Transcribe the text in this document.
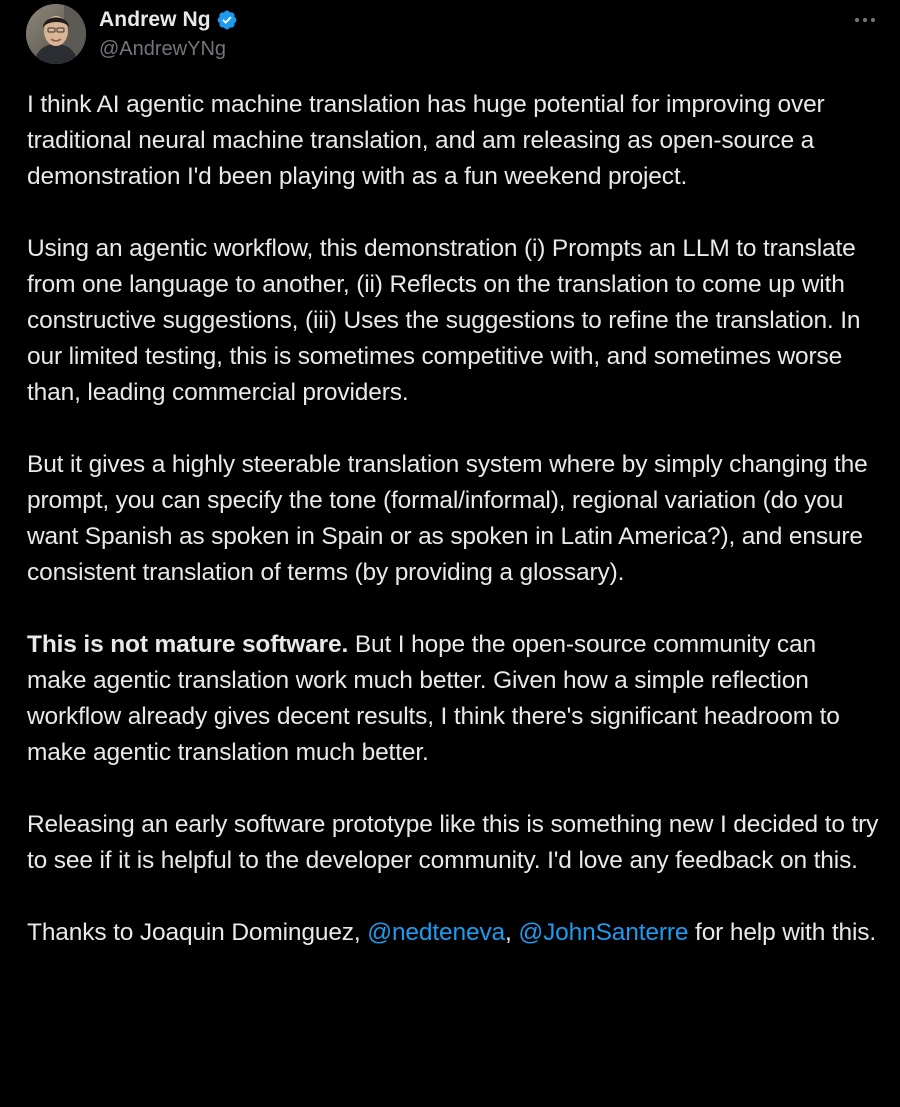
Andrew Ng
@AndrewYNg

I think AI agentic machine translation has huge potential for improving over traditional neural machine translation, and am releasing as open-source a demonstration I'd been playing with as a fun weekend project.

Using an agentic workflow, this demonstration (i) Prompts an LLM to translate from one language to another, (ii) Reflects on the translation to come up with constructive suggestions, (iii) Uses the suggestions to refine the translation. In our limited testing, this is sometimes competitive with, and sometimes worse than, leading commercial providers.

But it gives a highly steerable translation system where by simply changing the prompt, you can specify the tone (formal/informal), regional variation (do you want Spanish as spoken in Spain or as spoken in Latin America?), and ensure consistent translation of terms (by providing a glossary).

This is not mature software. But I hope the open-source community can make agentic translation work much better. Given how a simple reflection workflow already gives decent results, I think there's significant headroom to make agentic translation much better.

Releasing an early software prototype like this is something new I decided to try to see if it is helpful to the developer community. I'd love any feedback on this.

Thanks to Joaquin Dominguez, @nedteneva, @JohnSanterre for help with this.
